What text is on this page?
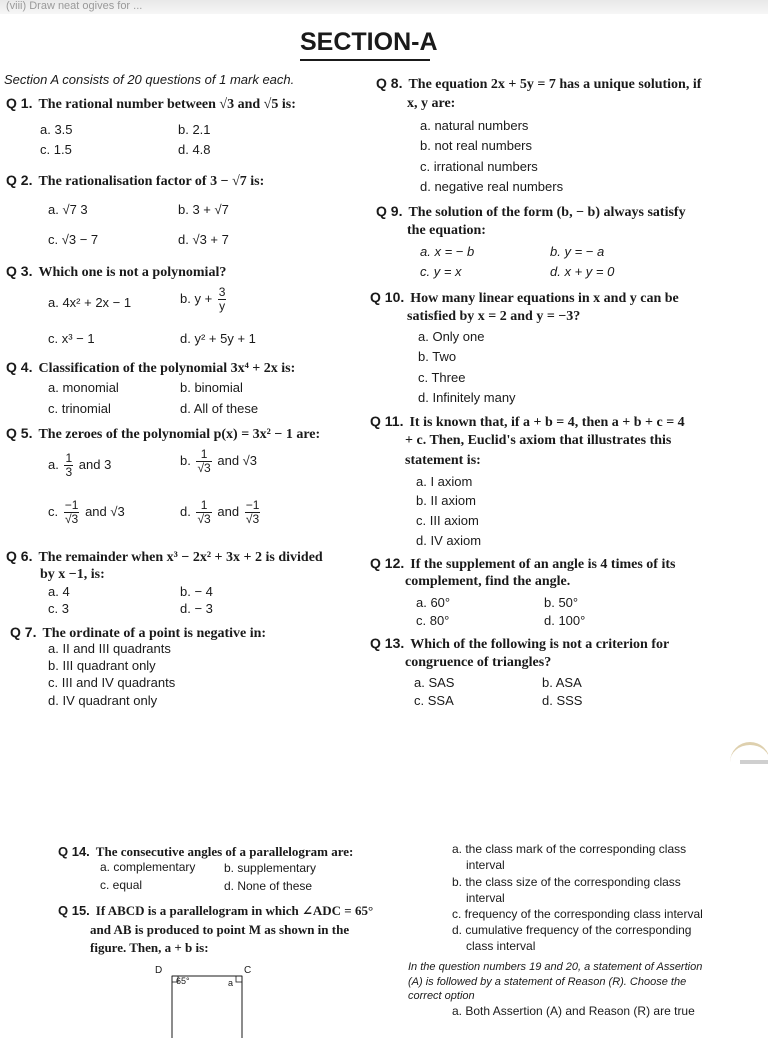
(viii) Draw neat ogives for ...
SECTION-A
Section A consists of 20 questions of 1 mark each.
Q 1. The rational number between √3 and √5 is:
a. 3.5	b. 2.1
c. 1.5	d. 4.8
Q 2. The rationalisation factor of 3 − √7 is:
a. √7 3	b. 3 + √7
c. √3 − 7	d. √3 + 7
Q 3. Which one is not a polynomial?
a. 4x² + 2x − 1	b. $y + \frac{3}{y}$
c. x³ − 1	d. y² + 5y + 1
Q 4. Classification of the polynomial 3x⁴ + 2x is:
a. monomial	b. binomial
c. trinomial	d. All of these
Q 5. The zeroes of the polynomial p(x) = 3x² − 1 are:
a. $\frac{1}{3}$ and 3	b. $\frac{1}{√3}$ and √3
c. $\frac{-1}{√3}$ and √3	d. $\frac{1}{√3}$ and $\frac{-1}{√3}$
Q 6. The remainder when x³ − 2x² + 3x + 2 is divided
by x −1, is:
a. 4	b. − 4
c. 3	d. − 3
Q 7. The ordinate of a point is negative in:
a. II and III quadrants
b. III quadrant only
c. III and IV quadrants
d. IV quadrant only
Q 8. The equation 2x + 5y = 7 has a unique solution, if
x, y are:
a. natural numbers
b. not real numbers
c. irrational numbers
d. negative real numbers
Q 9. The solution of the form (b, − b) always satisfy
the equation:
a. x = − b	b. y = − a
c. y = x	d. x + y = 0
Q 10. How many linear equations in x and y can be
satisfied by x = 2 and y = −3?
a. Only one
b. Two
c. Three
d. Infinitely many
Q 11. It is known that, if a + b = 4, then a + b + c = 4
+ c. Then, Euclid's axiom that illustrates this
statement is:
a. I axiom
b. II axiom
c. III axiom
d. IV axiom
Q 12. If the supplement of an angle is 4 times of its
complement, find the angle.
a. 60°	b. 50°
c. 80°	d. 100°
Q 13. Which of the following is not a criterion for
congruence of triangles?
a. SAS	b. ASA
c. SSA	d. SSS
Q 14. The consecutive angles of a parallelogram are:
a. complementary b. supplementary
c. equal	d. None of these
Q 15. If ABCD is a parallelogram in which ∠ADC = 65°
and AB is produced to point M as shown in the
figure. Then, a + b is:
D	C
65°	a
a. the class mark of the corresponding class
interval
b. the class size of the corresponding class
interval
c. frequency of the corresponding class interval
d. cumulative frequency of the corresponding
class interval
In the question numbers 19 and 20, a statement of Assertion
(A) is followed by a statement of Reason (R). Choose the
correct option
a. Both Assertion (A) and Reason (R) are true
